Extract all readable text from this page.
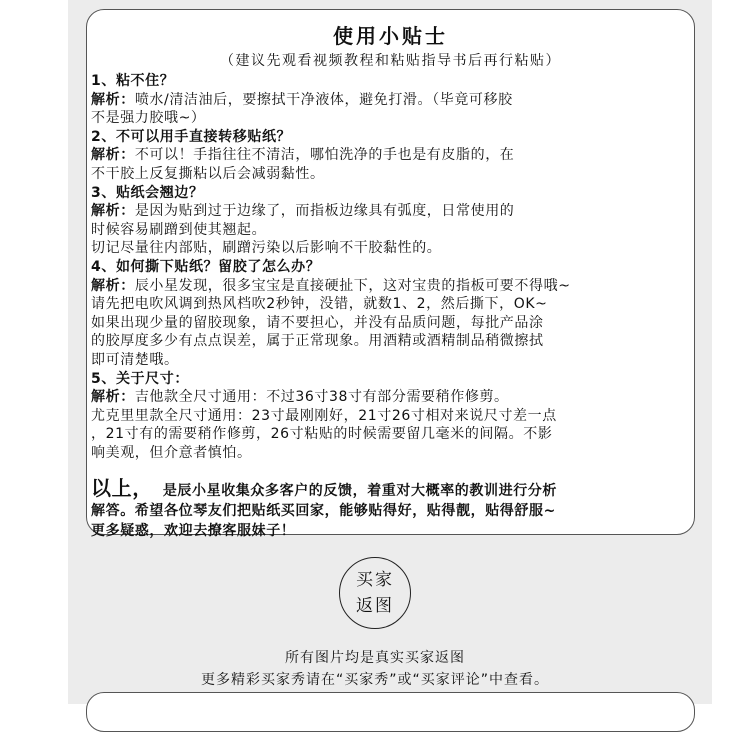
使用小贴士
（建议先观看视频教程和粘贴指导书后再行粘贴）
1、粘不住？
解析：喷水/清洁油后，要擦拭干净液体，避免打滑。（毕竟可移胶
不是强力胶哦~）
2、不可以用手直接转移贴纸？
解析：不可以！手指往往不清洁，哪怕洗净的手也是有皮脂的，在
不干胶上反复撕粘以后会减弱黏性。
3、贴纸会翘边？
解析：是因为贴到过于边缘了，而指板边缘具有弧度，日常使用的
时候容易刷蹭到使其翘起。
切记尽量往内部贴，刷蹭污染以后影响不干胶黏性的。
4、如何撕下贴纸？留胶了怎么办？
解析：辰小星发现，很多宝宝是直接硬扯下，这对宝贵的指板可要不得哦~
请先把电吹风调到热风档吹2秒钟，没错，就数1、2，然后撕下，OK~
如果出现少量的留胶现象，请不要担心，并没有品质问题，每批产品涂
的胶厚度多少有点点误差，属于正常现象。用酒精或酒精制品稍微擦拭
即可清楚哦。
5、关于尺寸：
解析：吉他款全尺寸通用：不过36寸38寸有部分需要稍作修剪。
尤克里里款全尺寸通用：23寸最刚刚好，21寸26寸相对来说尺寸差一点
，21寸有的需要稍作修剪，26寸粘贴的时候需要留几毫米的间隔。不影
响美观，但介意者慎怕。
以上， 是辰小星收集众多客户的反馈，着重对大概率的教训进行分析
解答。希望各位琴友们把贴纸买回家，能够贴得好，贴得靓，贴得舒服~
更多疑惑，欢迎去撩客服妹子！
买家
返图
所有图片均是真实买家返图
更多精彩买家秀请在“买家秀”或“买家评论”中查看。
